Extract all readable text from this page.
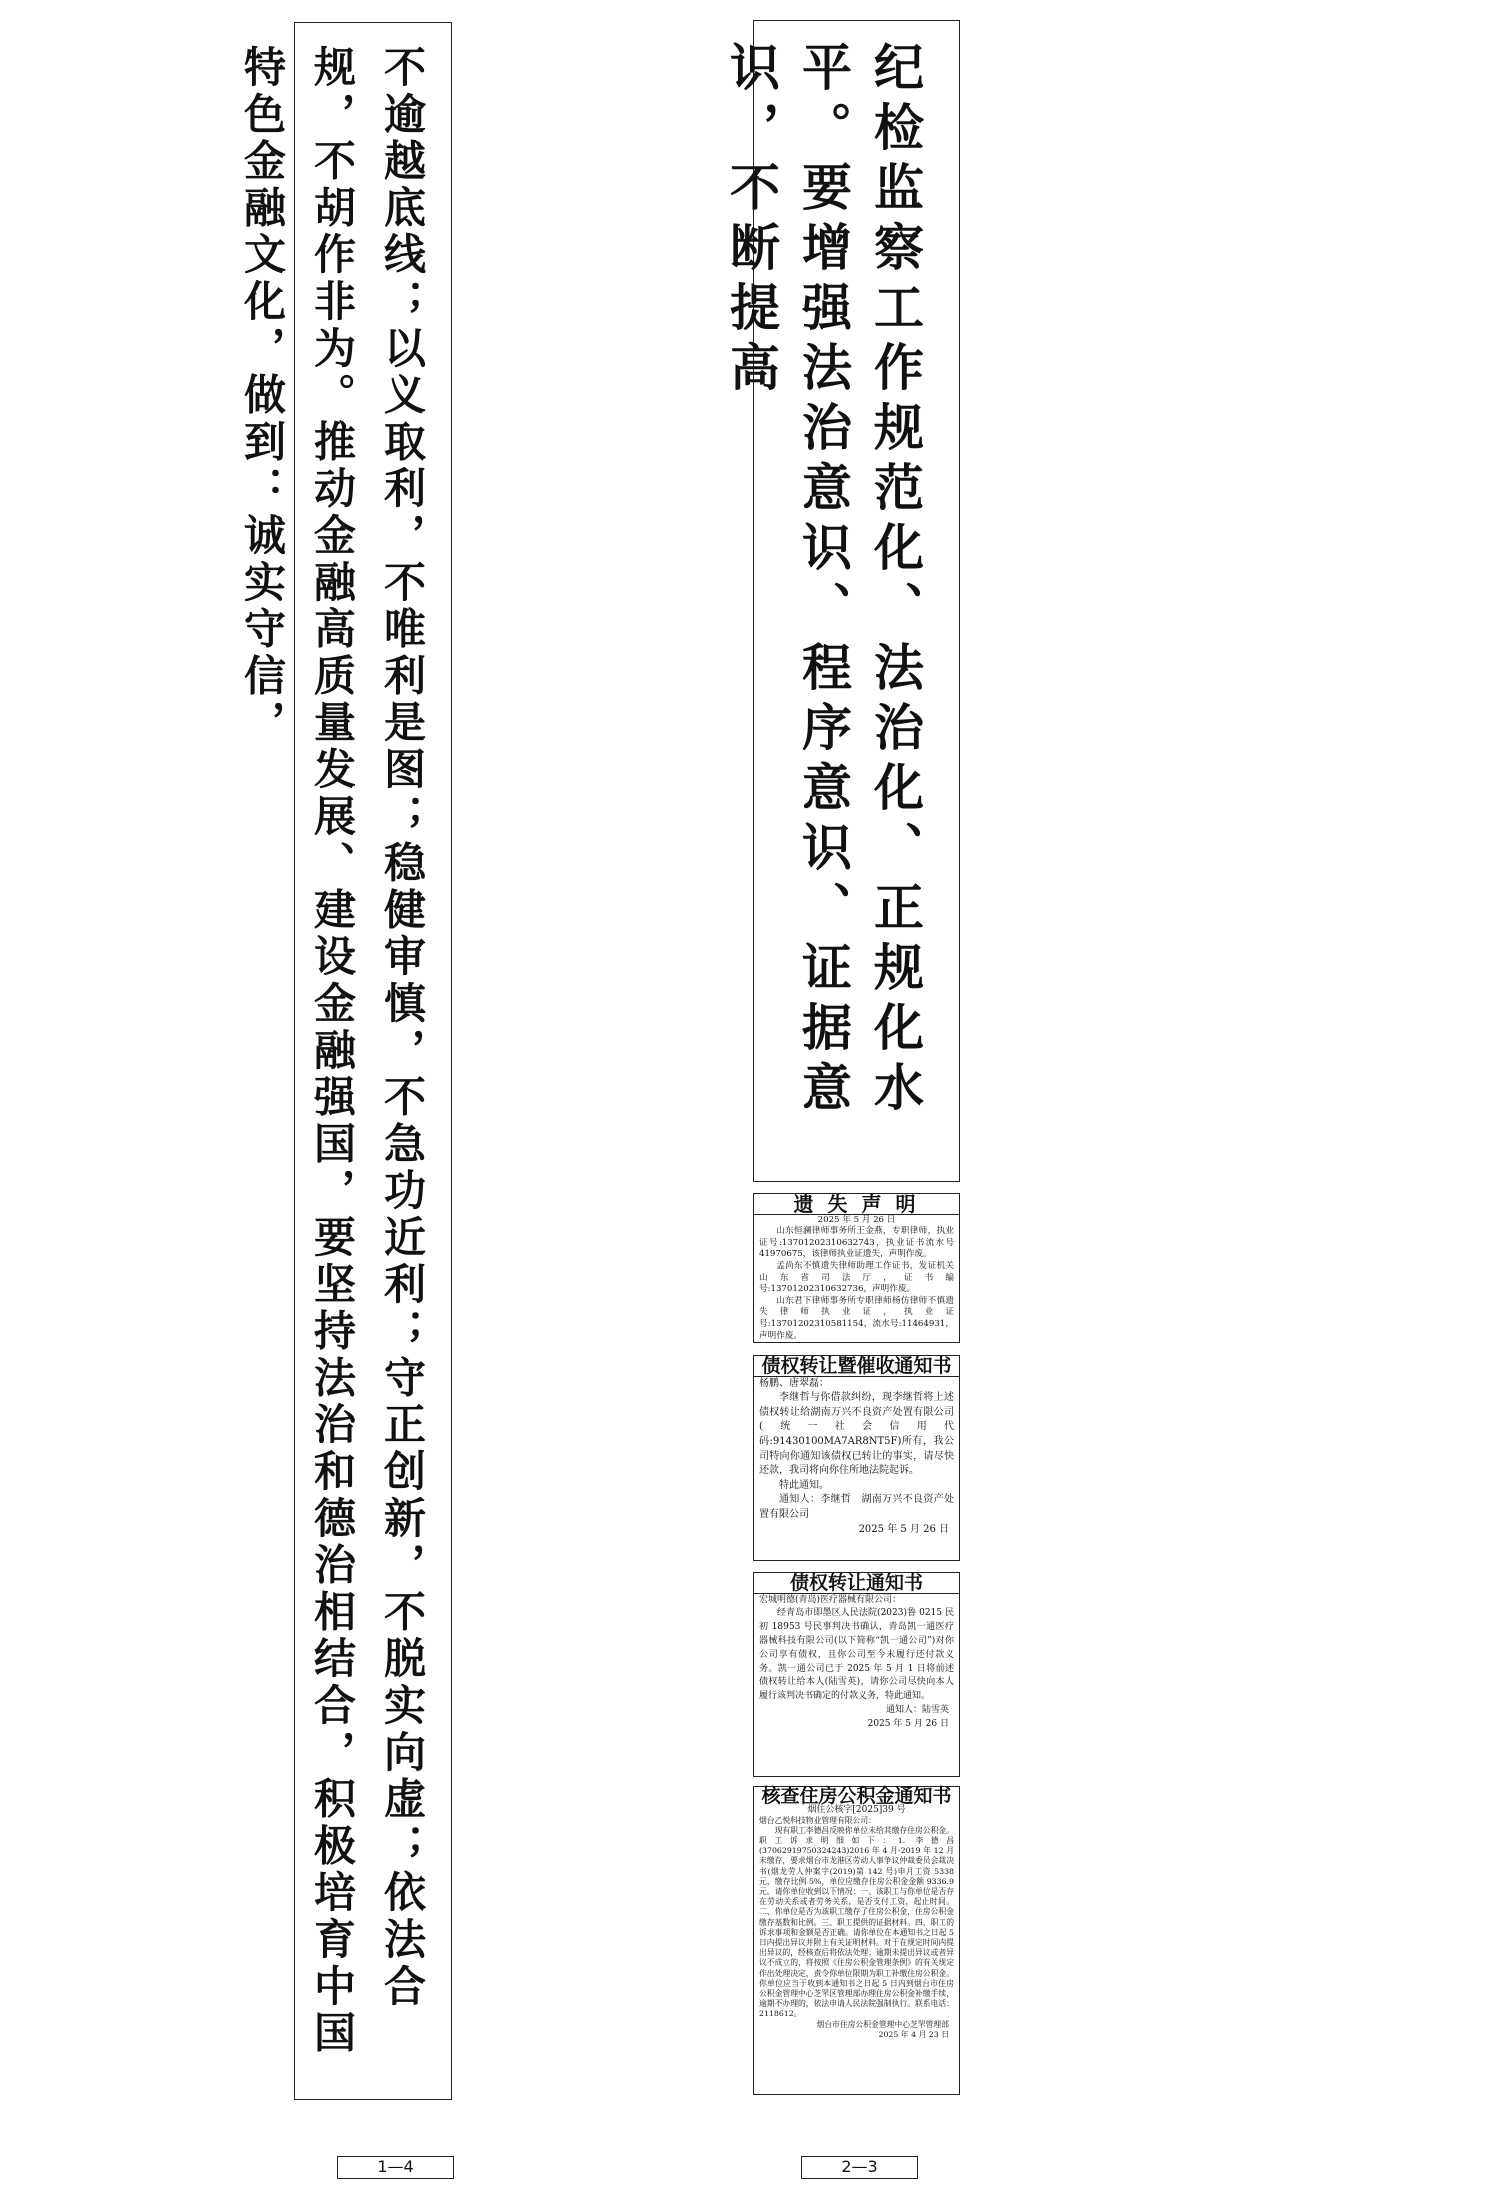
不逾越底线；以义取利，不唯利是图；稳健审慎，不急功近利；守正创新，不脱实向虚；依法合规，不胡作非为。推动金融高质量发展、建设金融强国，要坚持法治和德治相结合，积极培育中国特色金融文化，做到：诚实守信，	纪检监察工作规范化、法治化、正规化水平。要增强法治意识、程序意识、证据意识，不断提高

遗失声明

2025 年 5 月 26 日

山东恒澜律师事务所王金燕，专职律师，执业证号:13701202310632743，执业证书流水号41970675，该律师执业证遗失，声明作废。

孟尚东不慎遗失律师助理工作证书，发证机关山东省司法厅，证书编号:13701202310632736，声明作废。

山东君下律师事务所专职律师杨仿律师不慎遗失律师执业证，执业证号:13701202310581154，流水号:11464931，声明作废。

债权转让暨催收通知书

杨鹏、唐翠磊：

李继哲与你借款纠纷，现李继哲将上述债权转让给湖南万兴不良资产处置有限公司(统一社会信用代码:91430100MA7AR8NT5F)所有，我公司特向你通知该债权已转让的事实，请尽快还款，我司将向你住所地法院起诉。

特此通知。

通知人：李继哲　湖南万兴不良资产处置有限公司

2025 年 5 月 26 日

债权转让通知书

宏城明德(青岛)医疗器械有限公司：

经青岛市即墨区人民法院(2023)鲁 0215 民初 18953 号民事判决书确认，青岛凯一通医疗器械科技有限公司(以下简称“凯一通公司”)对你公司享有债权，且你公司至今未履行还付款义务。凯一通公司已于 2025 年 5 月 1 日将前述债权转让给本人(陆雪英)，请你公司尽快向本人履行该判决书确定的付款义务，特此通知。

通知人：陆雪英

2025 年 5 月 26 日

核查住房公积金通知书

烟住公核字[2025]39 号

烟台乙悦科技物业管理有限公司：

现有职工李德昌反映你单位未给其缴存住房公积金。职工诉求明细如下：1. 李德昌(37062919750324243)2016 年 4 月-2019 年 12 月未缴存，要求烟台市龙港区劳动人事争议仲裁委员会裁决书(烟龙劳人仲案字(2019)第 142 号)申月工资 5338 元，缴存比例 5%，单位应缴存住房公积金金额 9336.9 元。请你单位收到以下情况：一、该职工与你单位是否存在劳动关系或者劳务关系，是否支付工资，起止时间。二、你单位是否为该职工缴存了住房公积金，住房公积金缴存基数和比例。三、职工提供的证据材料。四、职工的诉求事项和金额是否正确。请你单位在本通知书之日起 5 日内提出异议并附上有关证明材料。对于在规定时间内提出异议的，经核查后将依法处理；逾期未提出异议或者异议不成立的，将按照《住房公积金管理条例》的有关规定作出处理决定，责令你单位限期为职工补缴住房公积金。你单位应当于收到本通知书之日起 5 日内到烟台市住房公积金管理中心芝罘区管理部办理住房公积金补缴手续，逾期不办理的，依法申请人民法院强制执行。联系电话：2118612。

烟台市住房公积金管理中心芝罘管理部

2025 年 4 月 23 日

1—4	2—3
